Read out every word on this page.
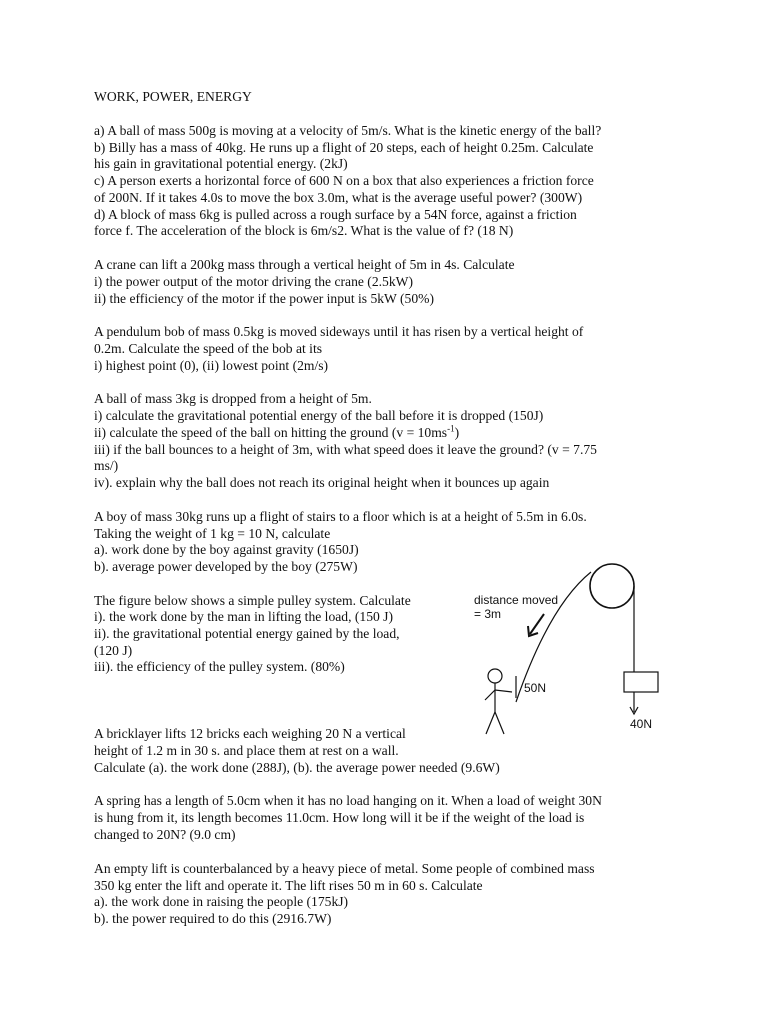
WORK, POWER, ENERGY
a) A ball of mass 500g is moving at a velocity of 5m/s. What is the kinetic energy of the ball?
b) Billy has a mass of 40kg. He runs up a flight of 20 steps, each of height 0.25m. Calculate
his gain in gravitational potential energy. (2kJ)
c) A person exerts a horizontal force of 600 N on a box that also experiences a friction force
of 200N. If it takes 4.0s to move the box 3.0m, what is the average useful power? (300W)
d) A block of mass 6kg is pulled across a rough surface by a 54N force, against a friction
force f. The acceleration of the block is 6m/s2. What is the value of f? (18 N)
A crane can lift a 200kg mass through a vertical height of 5m in 4s. Calculate
i) the power output of the motor driving the crane (2.5kW)
ii) the efficiency of the motor if the power input is 5kW (50%)
A pendulum bob of mass 0.5kg is moved sideways until it has risen by a vertical height of
0.2m. Calculate the speed of the bob at its
i) highest point (0), (ii) lowest point (2m/s)
A ball of mass 3kg is dropped from a height of 5m.
i) calculate the gravitational potential energy of the ball before it is dropped (150J)
ii) calculate the speed of the ball on hitting the ground $(v = 10ms^{-1})$
iii) if the ball bounces to a height of 3m, with what speed does it leave the ground? (v = 7.75
ms/)
iv). explain why the ball does not reach its original height when it bounces up again
A boy of mass 30kg runs up a flight of stairs to a floor which is at a height of 5.5m in 6.0s.
Taking the weight of 1 kg = 10 N, calculate
a). work done by the boy against gravity (1650J)
b). average power developed by the boy (275W)
The figure below shows a simple pulley system. Calculate
i). the work done by the man in lifting the load, (150 J)
ii). the gravitational potential energy gained by the load,
(120 J)
iii). the efficiency of the pulley system. (80%)
distance moved
= 3m
50N
40N
A bricklayer lifts 12 bricks each weighing 20 N a vertical
height of 1.2 m in 30 s. and place them at rest on a wall.
Calculate (a). the work done (288J), (b). the average power needed (9.6W)
A spring has a length of 5.0cm when it has no load hanging on it. When a load of weight 30N
is hung from it, its length becomes 11.0cm. How long will it be if the weight of the load is
changed to 20N? (9.0 cm)
An empty lift is counterbalanced by a heavy piece of metal. Some people of combined mass
350 kg enter the lift and operate it. The lift rises 50 m in 60 s. Calculate
a). the work done in raising the people (175kJ)
b). the power required to do this (2916.7W)
